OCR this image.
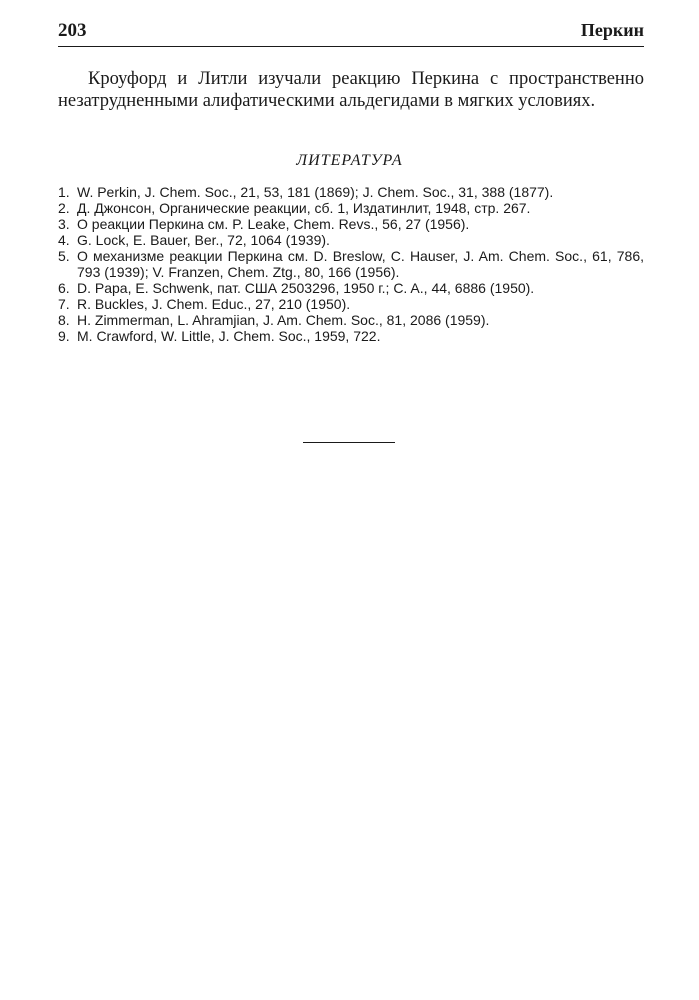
203	Перкин

Кроуфорд и Литли изучали реакцию Перкина с пространственно незатрудненными алифатическими альдегидами в мягких условиях.

ЛИТЕРАТУРА
1. W. Perkin, J. Chem. Soc., 21, 53, 181 (1869); J. Chem. Soc., 31, 388 (1877).
2. Д. Джонсон, Органические реакции, сб. 1, Издатинлит, 1948, стр. 267.
3. О реакции Перкина см. P. Leake, Chem. Revs., 56, 27 (1956).
4. G. Lock, E. Bauer, Ber., 72, 1064 (1939).
5. О механизме реакции Перкина см. D. Breslow, C. Hauser, J. Am. Chem. Soc., 61, 786, 793 (1939); V. Franzen, Chem. Ztg., 80, 166 (1956).
6. D. Papa, E. Schwenk, пат. США 2503296, 1950 г.; C. A., 44, 6886 (1950).
7. R. Buckles, J. Chem. Educ., 27, 210 (1950).
8. H. Zimmerman, L. Ahramjian, J. Am. Chem. Soc., 81, 2086 (1959).
9. M. Crawford, W. Little, J. Chem. Soc., 1959, 722.
